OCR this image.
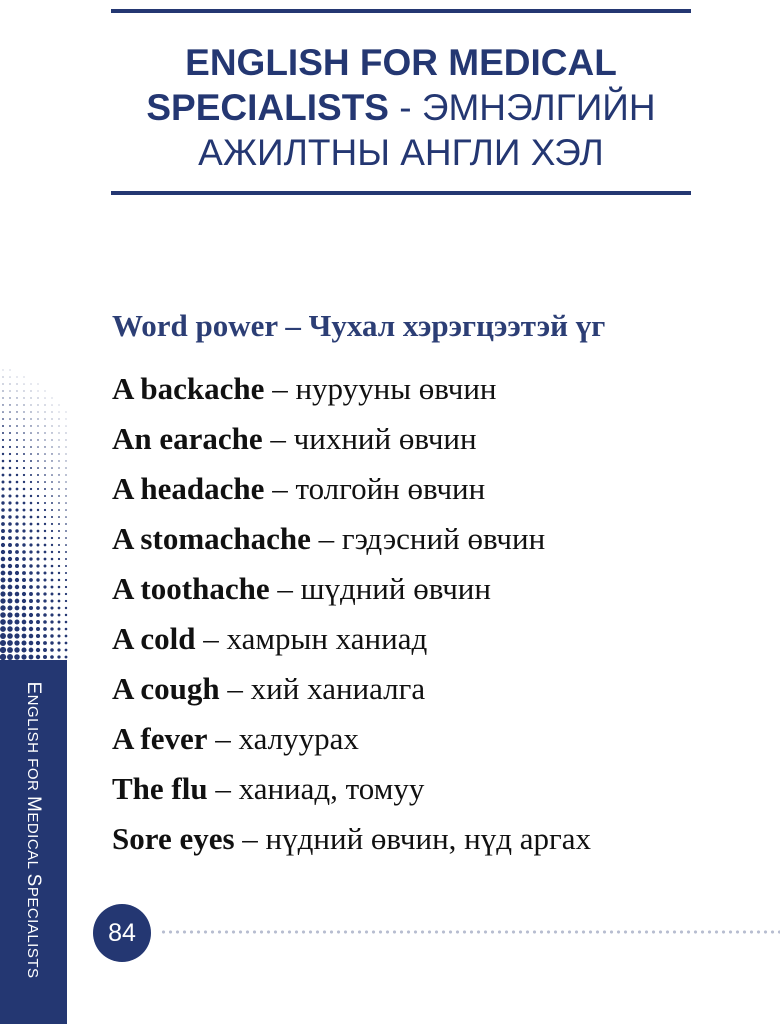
ENGLISH FOR MEDICAL
SPECIALISTS - ЭМНЭЛГИЙН
АЖИЛТНЫ АНГЛИ ХЭЛ
Word power – Чухал хэрэгцээтэй үг
A backache – нурууны өвчин
An earache – чихний өвчин
A headache – толгойн өвчин
A stomachache – гэдэсний өвчин
A toothache – шүдний өвчин
A cold – хамрын ханиад
A cough – хий ханиалга
A fever – халуурах
The flu – ханиад, томуу
Sore eyes – нүдний өвчин, нүд аргах
ENGLISH FOR MEDICAL SPECIALISTS	84
